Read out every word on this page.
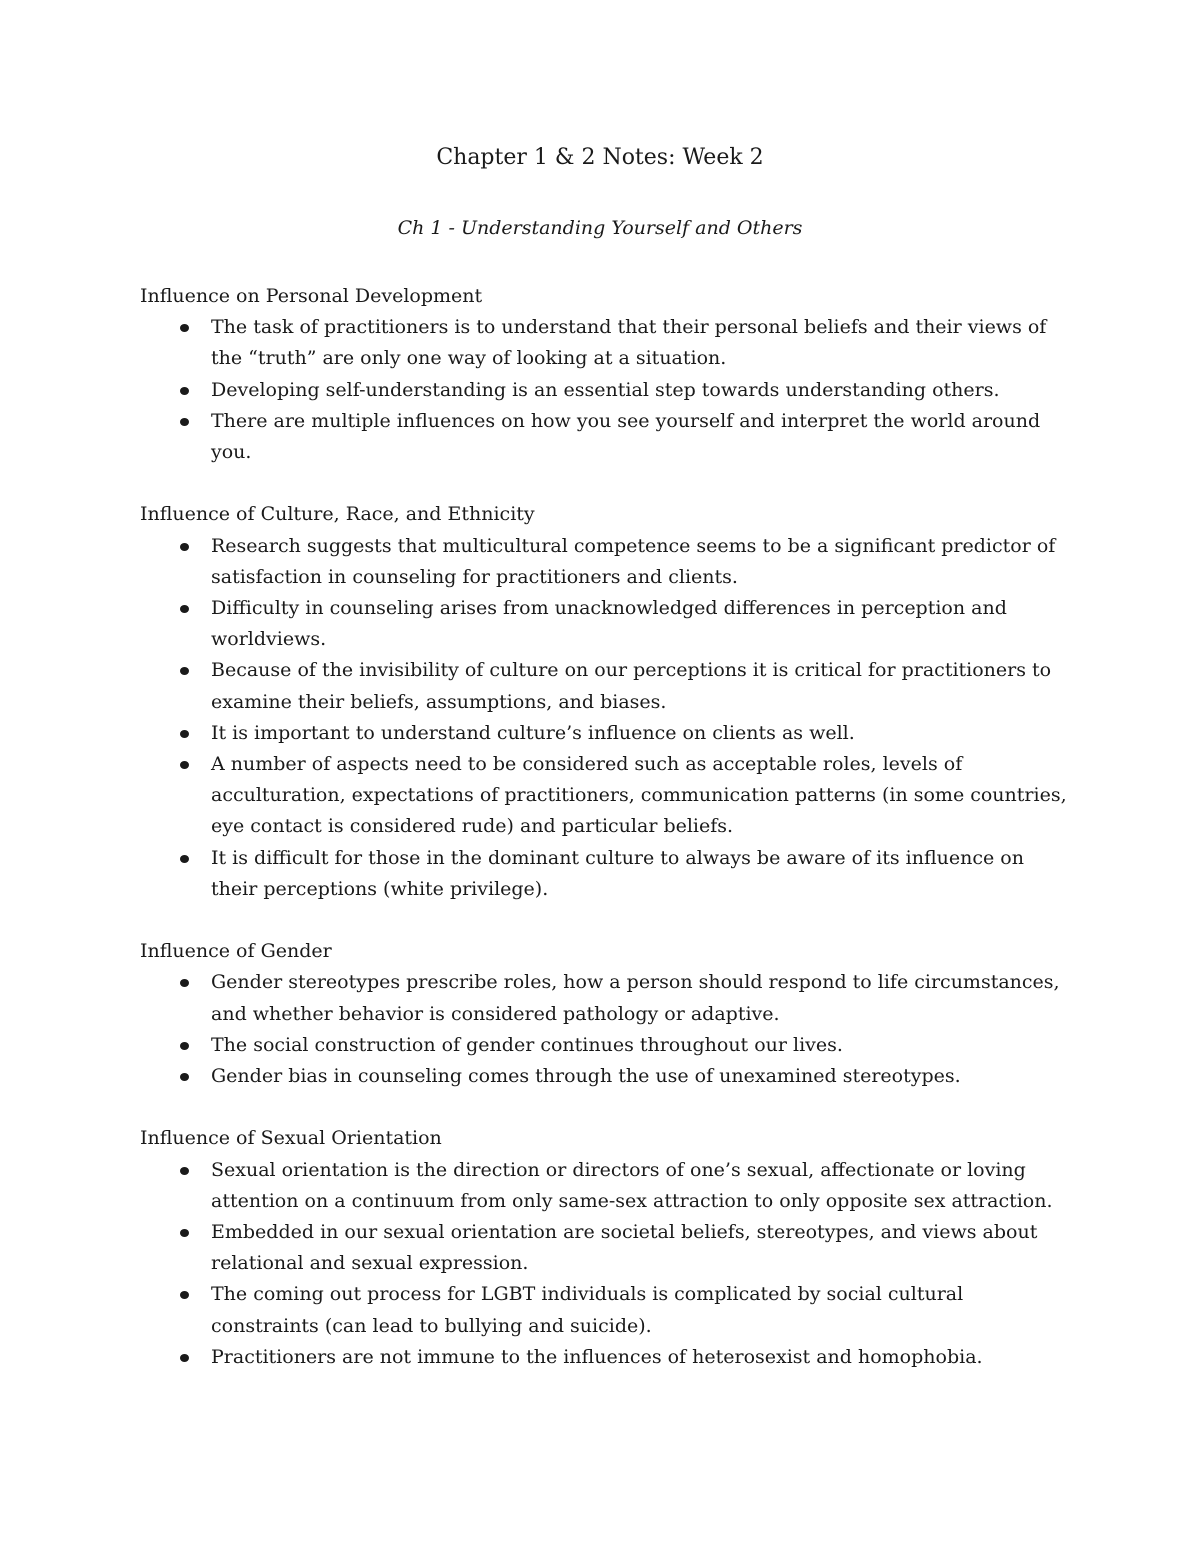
Chapter 1 & 2 Notes: Week 2
Ch 1 - Understanding Yourself and Others
Influence on Personal Development
The task of practitioners is to understand that their personal beliefs and their views of the “truth” are only one way of looking at a situation.
Developing self-understanding is an essential step towards understanding others.
There are multiple influences on how you see yourself and interpret the world around you.
Influence of Culture, Race, and Ethnicity
Research suggests that multicultural competence seems to be a significant predictor of satisfaction in counseling for practitioners and clients.
Difficulty in counseling arises from unacknowledged differences in perception and worldviews.
Because of the invisibility of culture on our perceptions it is critical for practitioners to examine their beliefs, assumptions, and biases.
It is important to understand culture’s influence on clients as well.
A number of aspects need to be considered such as acceptable roles, levels of acculturation, expectations of practitioners, communication patterns (in some countries, eye contact is considered rude) and particular beliefs.
It is difficult for those in the dominant culture to always be aware of its influence on their perceptions (white privilege).
Influence of Gender
Gender stereotypes prescribe roles, how a person should respond to life circumstances, and whether behavior is considered pathology or adaptive.
The social construction of gender continues throughout our lives.
Gender bias in counseling comes through the use of unexamined stereotypes.
Influence of Sexual Orientation
Sexual orientation is the direction or directors of one’s sexual, affectionate or loving attention on a continuum from only same-sex attraction to only opposite sex attraction.
Embedded in our sexual orientation are societal beliefs, stereotypes, and views about relational and sexual expression.
The coming out process for LGBT individuals is complicated by social cultural constraints (can lead to bullying and suicide).
Practitioners are not immune to the influences of heterosexist and homophobia.
